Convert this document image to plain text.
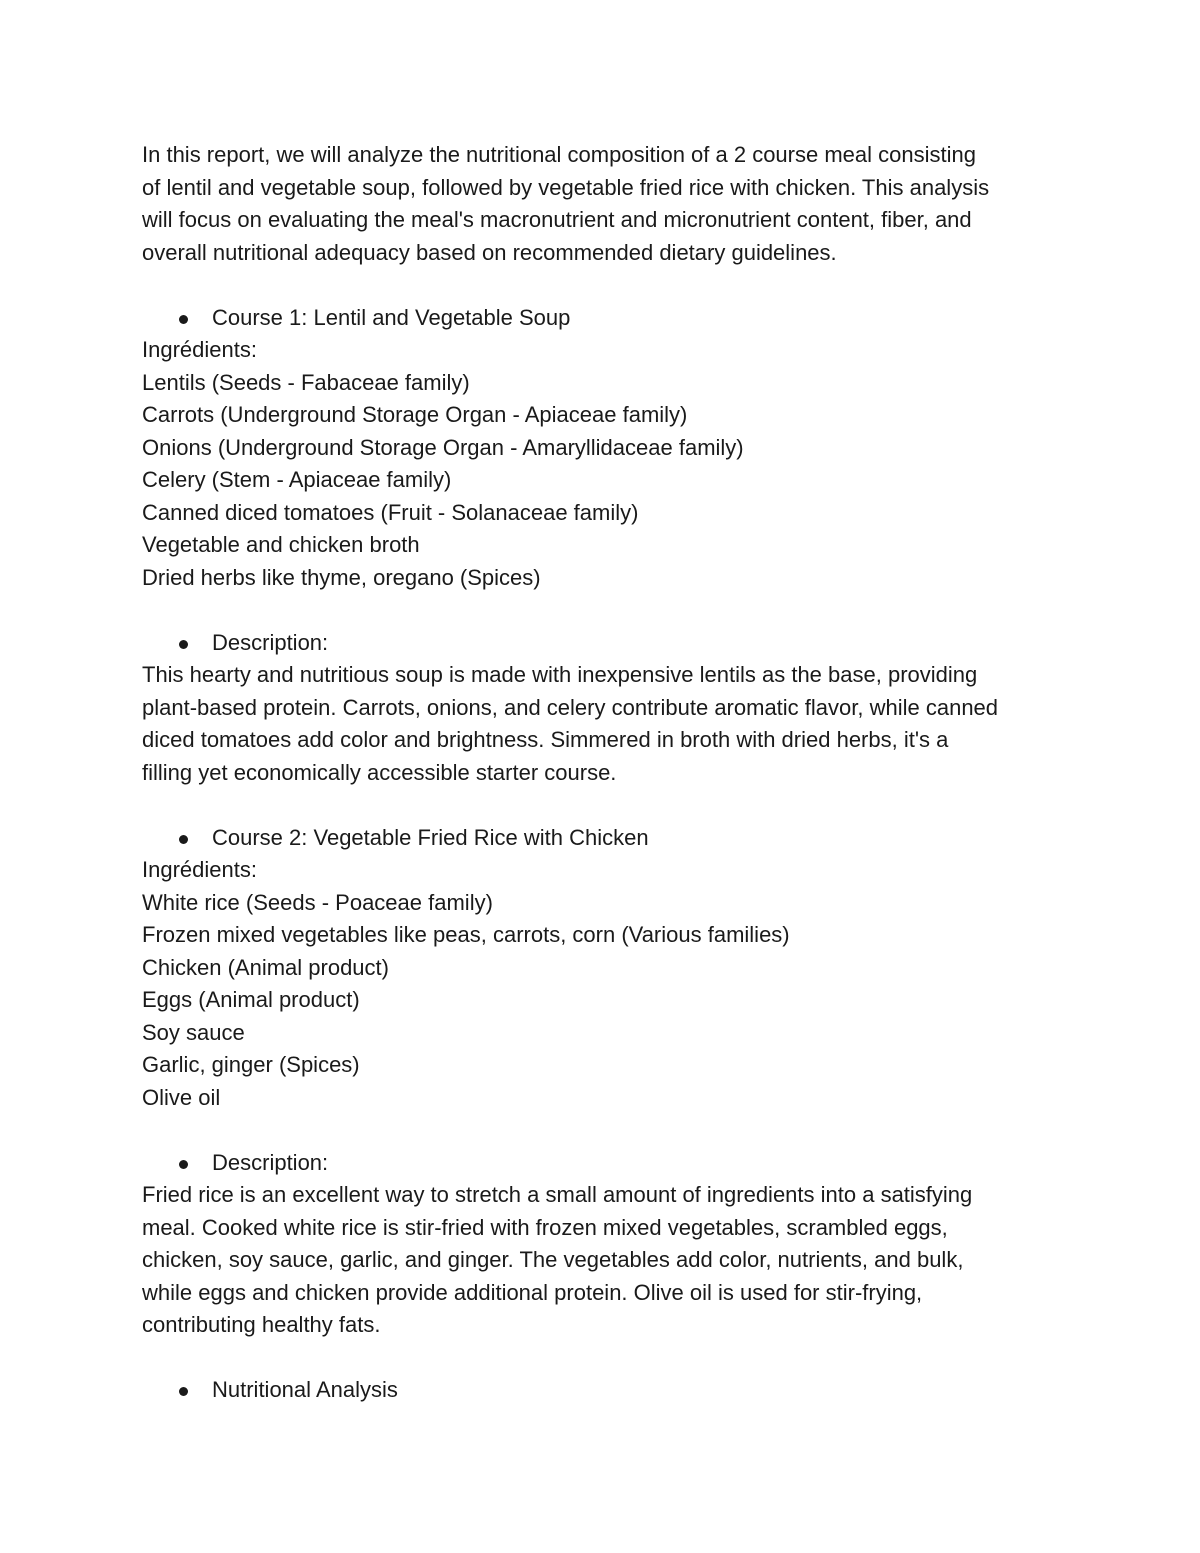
In this report, we will analyze the nutritional composition of a 2 course meal consisting
of lentil and vegetable soup, followed by vegetable fried rice with chicken. This analysis
will focus on evaluating the meal's macronutrient and micronutrient content, fiber, and
overall nutritional adequacy based on recommended dietary guidelines.

Course 1: Lentil and Vegetable Soup

Ingrédients:

Lentils (Seeds - Fabaceae family)
Carrots (Underground Storage Organ - Apiaceae family)
Onions (Underground Storage Organ - Amaryllidaceae family)
Celery (Stem - Apiaceae family)
Canned diced tomatoes (Fruit - Solanaceae family)
Vegetable and chicken broth
Dried herbs like thyme, oregano (Spices)
Description:

This hearty and nutritious soup is made with inexpensive lentils as the base, providing
plant-based protein. Carrots, onions, and celery contribute aromatic flavor, while canned
diced tomatoes add color and brightness. Simmered in broth with dried herbs, it's a
filling yet economically accessible starter course.

Course 2: Vegetable Fried Rice with Chicken

Ingrédients:

White rice (Seeds - Poaceae family)
Frozen mixed vegetables like peas, carrots, corn (Various families)
Chicken (Animal product)
Eggs (Animal product)
Soy sauce
Garlic, ginger (Spices)
Olive oil
Description:

Fried rice is an excellent way to stretch a small amount of ingredients into a satisfying
meal. Cooked white rice is stir-fried with frozen mixed vegetables, scrambled eggs,
chicken, soy sauce, garlic, and ginger. The vegetables add color, nutrients, and bulk,
while eggs and chicken provide additional protein. Olive oil is used for stir-frying,
contributing healthy fats.

Nutritional Analysis
